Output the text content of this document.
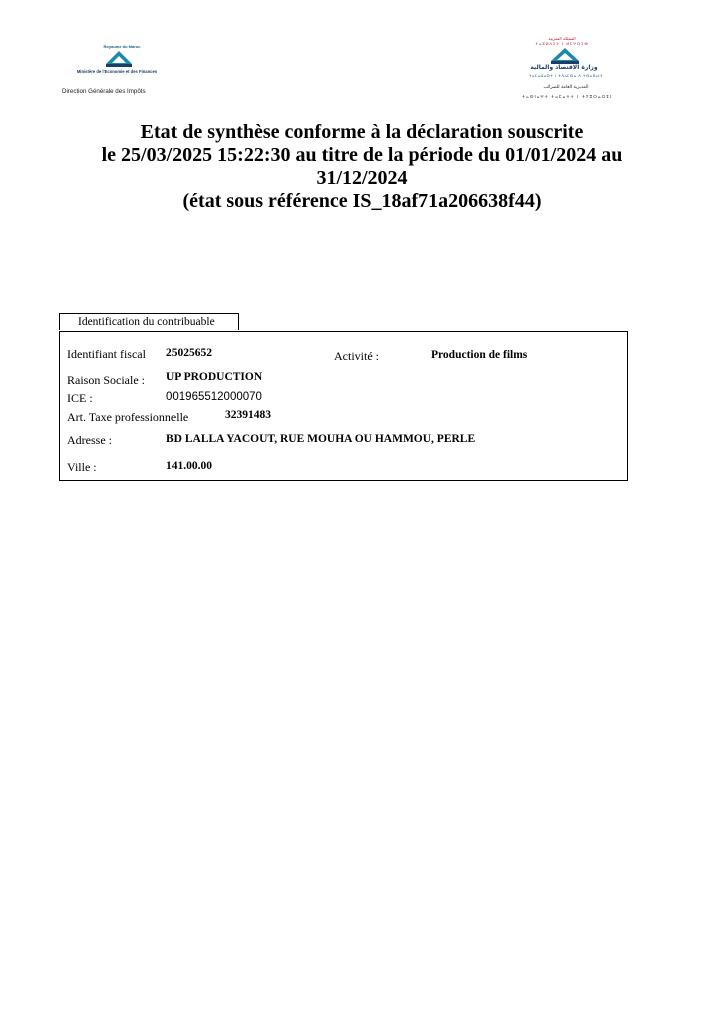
Royaume du Maroc
Ministère de l'Economie et des Finances
Direction Générale des Impôts
المملكة المغربية
ⵜⴰⴳⵍⴷⵉⵜ ⵏ ⵍⵎⵖⵔⵉⴱ
وزارة الاقتصاد والمالية
ⵜⴰⵎⴰⵡⴰⵙⵜ ⵏ ⵜⴷⴰⵎⵙⴰ ⴷ ⵜⵙⴰⴳⴰⵏⵜ
المديرية العامة للضرائب
ⵜⴰⵙⵏⴰⵖⵜ ⵜⴰⵎⴰⵜⵜ ⵏ ⵜⵢⵓⵔⴰⵔⵉⵏ
Etat de synthèse conforme à la déclaration souscrite
le 25/03/2025 15:22:30 au titre de la période du 01/01/2024 au
31/12/2024
(état sous référence IS_18af71a206638f44)
Identification du contribuable
Identifiant fiscal 25025652	Activité :	Production de films
Raison Sociale : UP PRODUCTION
ICE :	001965512000070
Art. Taxe professionnelle	32391483
Adresse :	BD LALLA YACOUT, RUE MOUHA OU HAMMOU, PERLE
Ville :	141.00.00
